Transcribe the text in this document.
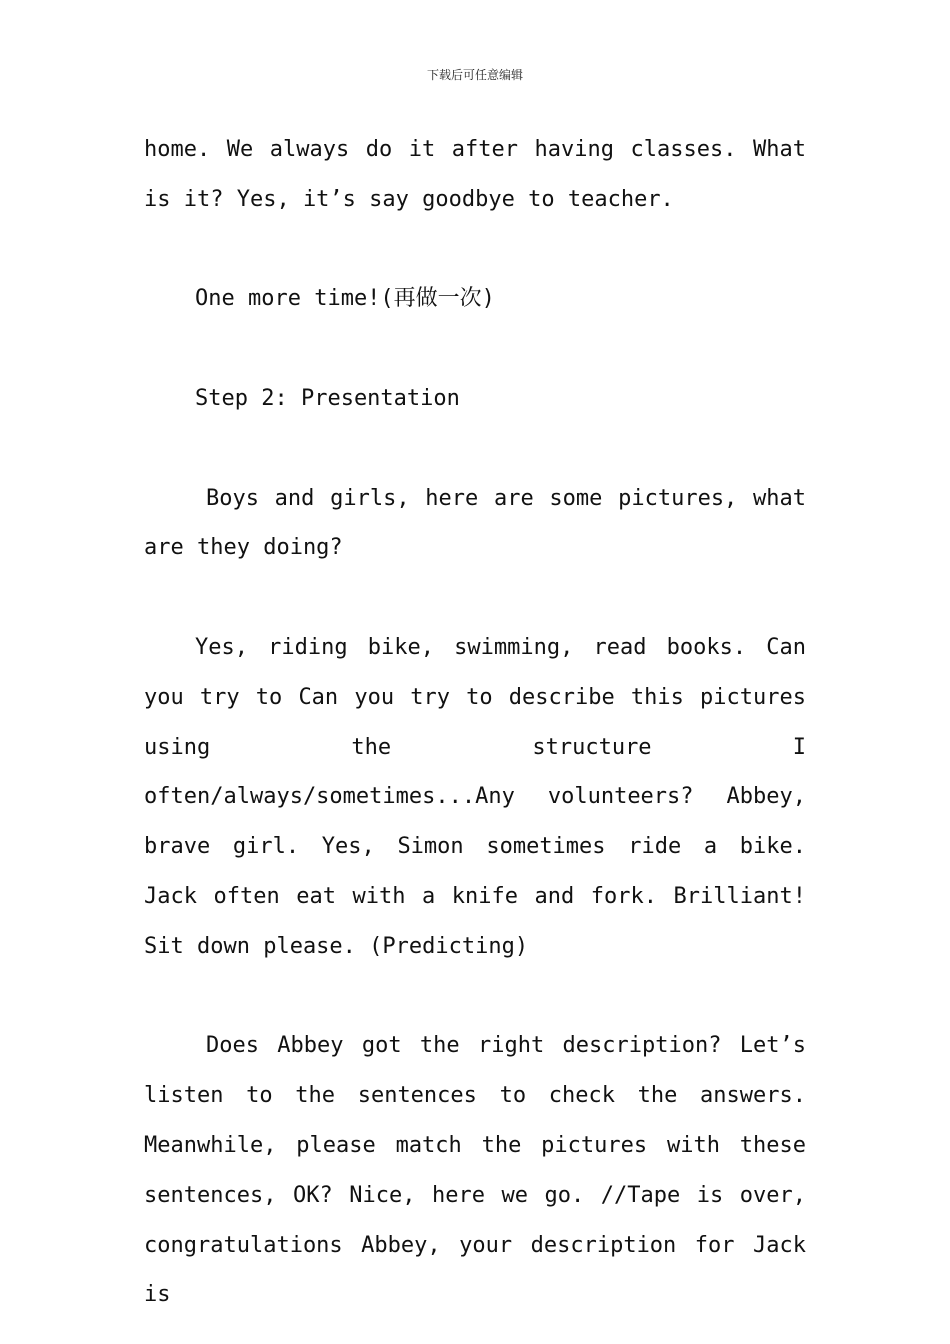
下载后可任意编辑

home. We always do it after having classes. What is it? Yes, it’s say goodbye to teacher.

One more time!(再做一次)

Step 2: Presentation

Boys and girls, here are some pictures, what are they doing?

Yes, riding bike, swimming, read books. Can you try to Can you try to describe this pictures using the structure I often/always/sometimes...Any volunteers? Abbey, brave girl. Yes, Simon sometimes ride a bike. Jack often eat with a knife and fork. Brilliant! Sit down please. (Predicting)

Does Abbey got the right description? Let’s listen to the sentences to check the answers. Meanwhile, please match the pictures with these sentences, OK? Nice, here we go. //Tape is over, congratulations Abbey, your description for Jack is
